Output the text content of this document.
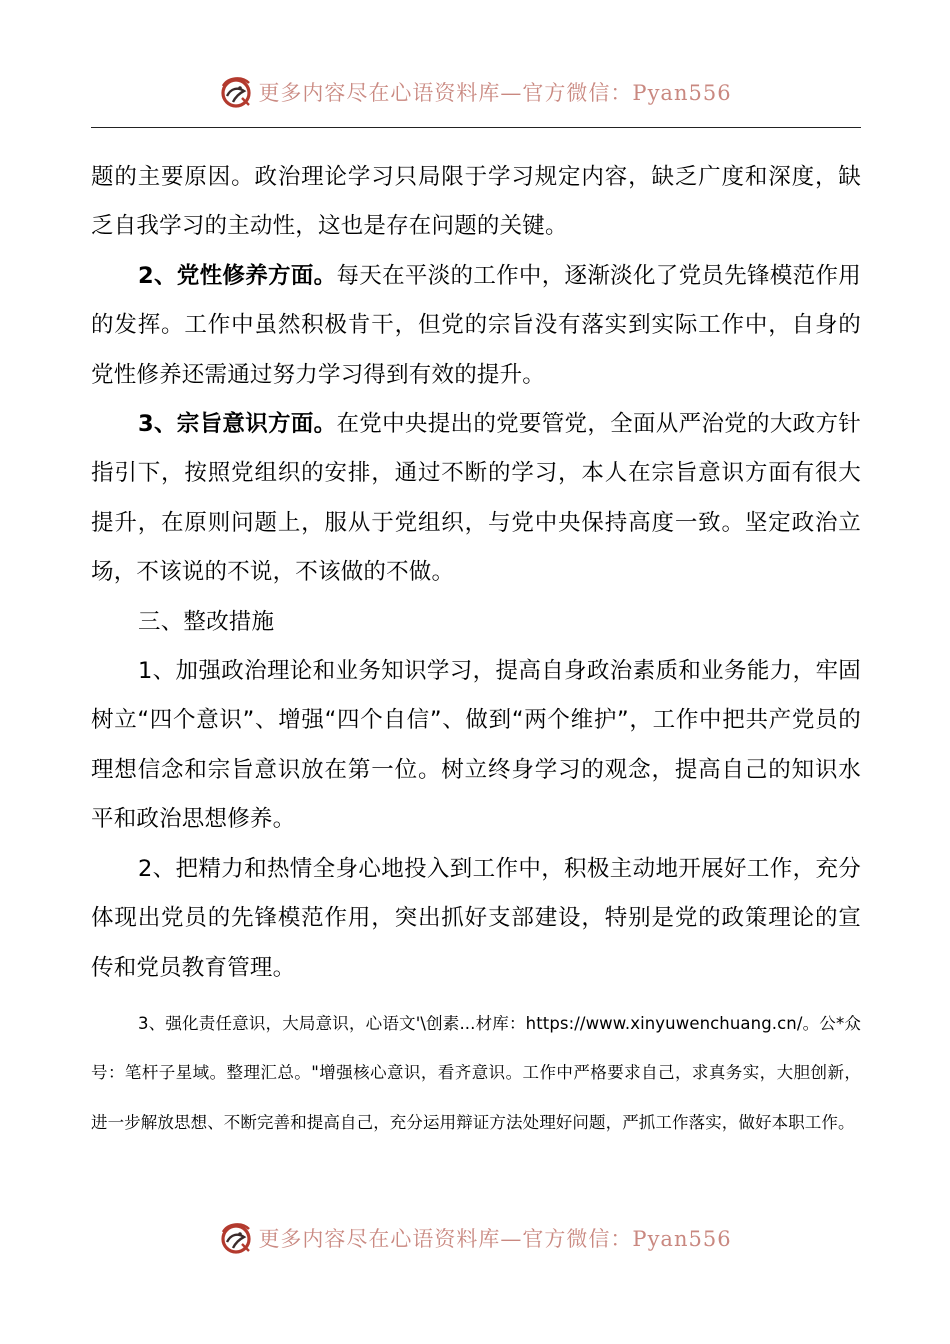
更多内容尽在心语资料库—官方微信：Pyan556

题的主要原因。政治理论学习只局限于学习规定内容，缺乏广度和深度，缺乏自我学习的主动性，这也是存在问题的关键。

2、党性修养方面。每天在平淡的工作中，逐渐淡化了党员先锋模范作用的发挥。工作中虽然积极肯干，但党的宗旨没有落实到实际工作中，自身的党性修养还需通过努力学习得到有效的提升。

3、宗旨意识方面。在党中央提出的党要管党，全面从严治党的大政方针指引下，按照党组织的安排，通过不断的学习，本人在宗旨意识方面有很大提升，在原则问题上，服从于党组织，与党中央保持高度一致。坚定政治立场，不该说的不说，不该做的不做。

三、整改措施

1、加强政治理论和业务知识学习，提高自身政治素质和业务能力，牢固树立“四个意识”、增强“四个自信”、做到“两个维护”，工作中把共产党员的理想信念和宗旨意识放在第一位。树立终身学习的观念，提高自己的知识水平和政治思想修养。

2、把精力和热情全身心地投入到工作中，积极主动地开展好工作，充分体现出党员的先锋模范作用，突出抓好支部建设，特别是党的政策理论的宣传和党员教育管理。

3、强化责任意识，大局意识，心语文'\创素...材库：https://www.xinyuwenchuang.cn/。公*众号：笔杆子星域。整理汇总。"增强核心意识，看齐意识。工作中严格要求自己，求真务实，大胆创新，进一步解放思想、不断完善和提高自己，充分运用辩证方法处理好问题，严抓工作落实，做好本职工作。

更多内容尽在心语资料库—官方微信：Pyan556
